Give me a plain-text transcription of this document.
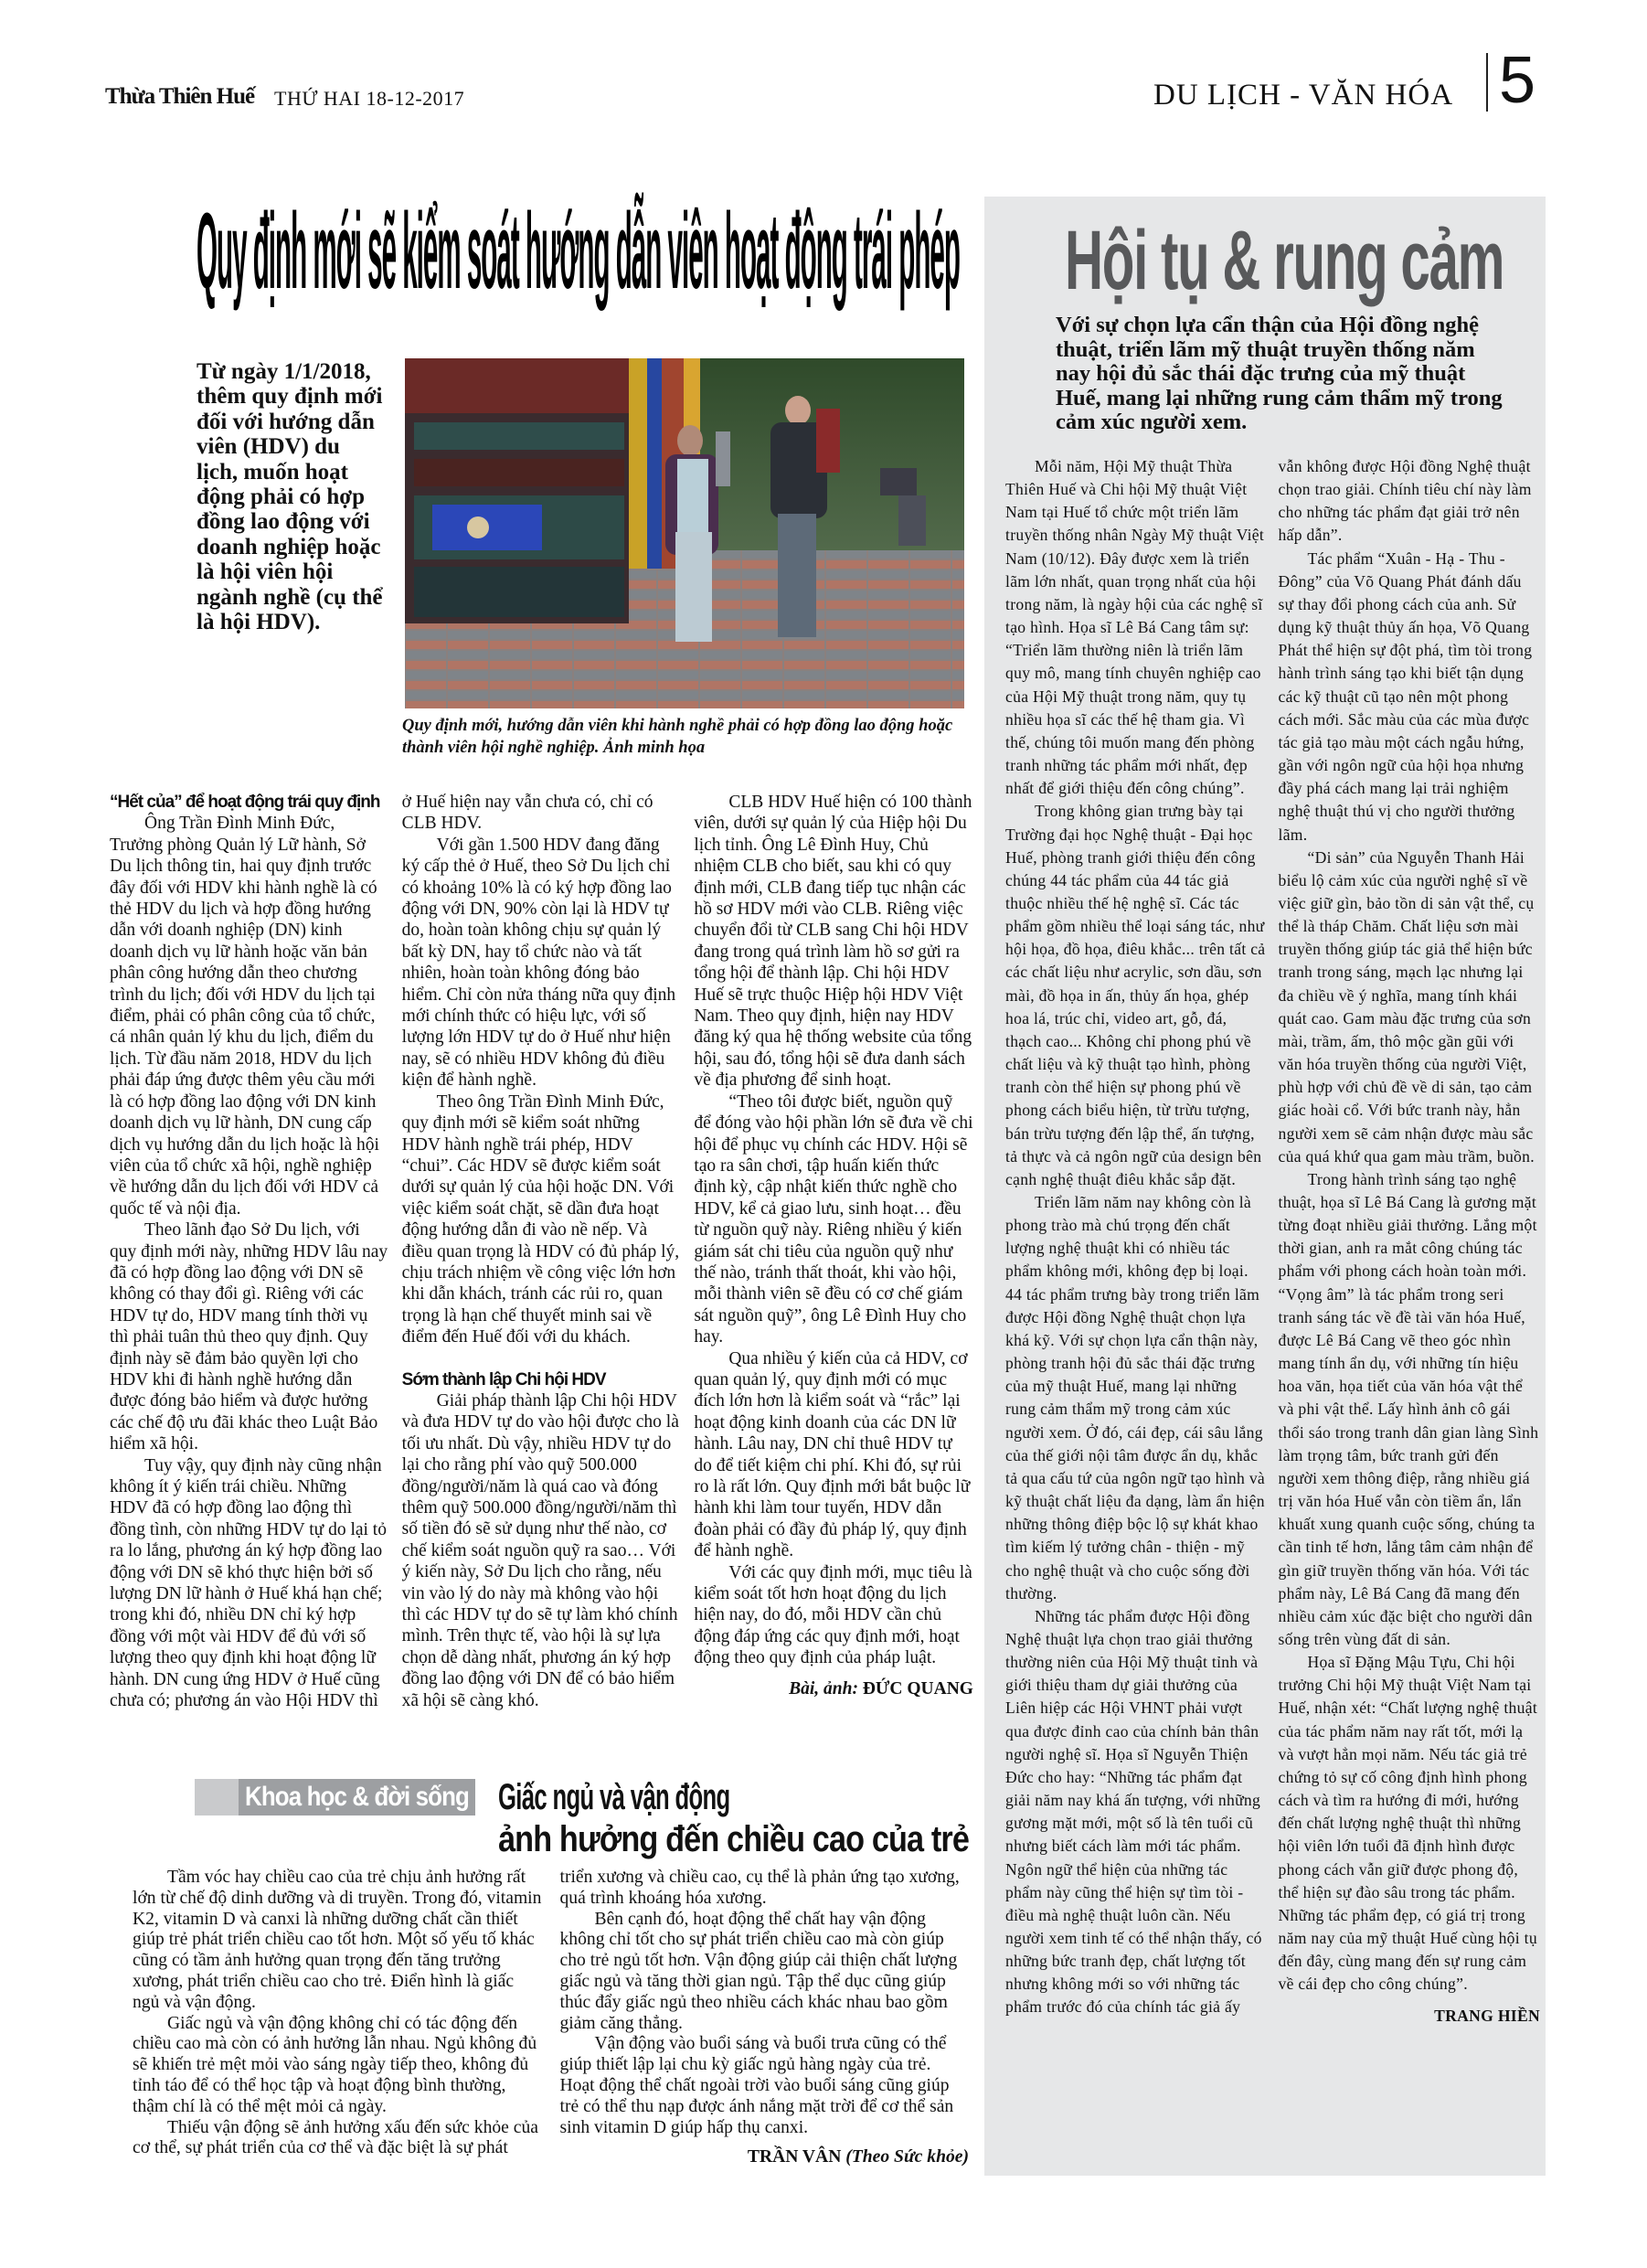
Thừa Thiên Huế THỨ HAI 18-12-2017	DU LỊCH - VĂN HÓA 5
Quy định mới sẽ kiểm soát hướng dẫn viên hoạt động trái phép
Từ ngày 1/1/2018, thêm quy định mới đối với hướng dẫn viên (HDV) du lịch, muốn hoạt động phải có hợp đồng lao động với doanh nghiệp hoặc là hội viên hội ngành nghề (cụ thể là hội HDV).
Quy định mới, hướng dẫn viên khi hành nghề phải có hợp đồng lao động hoặc thành viên hội nghề nghiệp. Ảnh minh họa
“Hết của” để hoạt động trái quy định

Ông Trần Đình Minh Đức, Trưởng phòng Quản lý Lữ hành, Sở Du lịch thông tin, hai quy định trước đây đối với HDV khi hành nghề là có thẻ HDV du lịch và hợp đồng hướng dẫn với doanh nghiệp (DN) kinh doanh dịch vụ lữ hành hoặc văn bản phân công hướng dẫn theo chương trình du lịch; đối với HDV du lịch tại điểm, phải có phân công của tổ chức, cá nhân quản lý khu du lịch, điểm du lịch. Từ đầu năm 2018, HDV du lịch phải đáp ứng được thêm yêu cầu mới là có hợp đồng lao động với DN kinh doanh dịch vụ lữ hành, DN cung cấp dịch vụ hướng dẫn du lịch hoặc là hội viên của tổ chức xã hội, nghề nghiệp về hướng dẫn du lịch đối với HDV cả quốc tế và nội địa.

Theo lãnh đạo Sở Du lịch, với quy định mới này, những HDV lâu nay đã có hợp đồng lao động với DN sẽ không có thay đổi gì. Riêng với các HDV tự do, HDV mang tính thời vụ thì phải tuân thủ theo quy định. Quy định này sẽ đảm bảo quyền lợi cho HDV khi đi hành nghề hướng dẫn được đóng bảo hiểm và được hưởng các chế độ ưu đãi khác theo Luật Bảo hiểm xã hội.

Tuy vậy, quy định này cũng nhận không ít ý kiến trái chiều. Những HDV đã có hợp đồng lao động thì đồng tình, còn những HDV tự do lại tỏ ra lo lắng, phương án ký hợp đồng lao động với DN sẽ khó thực hiện bởi số lượng DN lữ hành ở Huế khá hạn chế; trong khi đó, nhiều DN chỉ ký hợp đồng với một vài HDV để đủ với số lượng theo quy định khi hoạt động lữ hành. DN cung ứng HDV ở Huế cũng chưa có; phương án vào Hội HDV thì ở Huế hiện nay vẫn chưa có, chỉ có CLB HDV.

Với gần 1.500 HDV đang đăng ký cấp thẻ ở Huế, theo Sở Du lịch chỉ có khoảng 10% là có ký hợp đồng lao động với DN, 90% còn lại là HDV tự do, hoàn toàn không chịu sự quản lý bất kỳ DN, hay tổ chức nào và tất nhiên, hoàn toàn không đóng bảo hiểm. Chỉ còn nửa tháng nữa quy định mới chính thức có hiệu lực, với số lượng lớn HDV tự do ở Huế như hiện nay, sẽ có nhiều HDV không đủ điều kiện để hành nghề.

Theo ông Trần Đình Minh Đức, quy định mới sẽ kiểm soát những HDV hành nghề trái phép, HDV “chui”. Các HDV sẽ được kiểm soát dưới sự quản lý của hội hoặc DN. Với việc kiểm soát chặt, sẽ dần đưa hoạt động hướng dẫn đi vào nề nếp. Và điều quan trọng là HDV có đủ pháp lý, chịu trách nhiệm về công việc lớn hơn khi dẫn khách, tránh các rủi ro, quan trọng là hạn chế thuyết minh sai về điểm đến Huế đối với du khách.

Sớm thành lập Chi hội HDV

Giải pháp thành lập Chi hội HDV và đưa HDV tự do vào hội được cho là tối ưu nhất. Dù vậy, nhiều HDV tự do lại cho rằng phí vào quỹ 500.000 đồng/người/năm là quá cao và đóng thêm quỹ 500.000 đồng/người/năm thì số tiền đó sẽ sử dụng như thế nào, cơ chế kiểm soát nguồn quỹ ra sao… Với ý kiến này, Sở Du lịch cho rằng, nếu vin vào lý do này mà không vào hội thì các HDV tự do sẽ tự làm khó chính mình. Trên thực tế, vào hội là sự lựa chọn dễ dàng nhất, phương án ký hợp đồng lao động với DN để có bảo hiểm xã hội sẽ càng khó.

CLB HDV Huế hiện có 100 thành viên, dưới sự quản lý của Hiệp hội Du lịch tỉnh. Ông Lê Đình Huy, Chủ nhiệm CLB cho biết, sau khi có quy định mới, CLB đang tiếp tục nhận các hồ sơ HDV mới vào CLB. Riêng việc chuyển đổi từ CLB sang Chi hội HDV đang trong quá trình làm hồ sơ gửi ra tổng hội để thành lập. Chi hội HDV Huế sẽ trực thuộc Hiệp hội HDV Việt Nam. Theo quy định, hiện nay HDV đăng ký qua hệ thống website của tổng hội, sau đó, tổng hội sẽ đưa danh sách về địa phương để sinh hoạt.

“Theo tôi được biết, nguồn quỹ để đóng vào hội phần lớn sẽ đưa về chi hội để phục vụ chính các HDV. Hội sẽ tạo ra sân chơi, tập huấn kiến thức định kỳ, cập nhật kiến thức nghề cho HDV, kể cả giao lưu, sinh hoạt… đều từ nguồn quỹ này. Riêng nhiều ý kiến giám sát chi tiêu của nguồn quỹ như thế nào, tránh thất thoát, khi vào hội, mỗi thành viên sẽ đều có cơ chế giám sát nguồn quỹ”, ông Lê Đình Huy cho hay.

Qua nhiều ý kiến của cả HDV, cơ quan quản lý, quy định mới có mục đích lớn hơn là kiểm soát và “rắc” lại hoạt động kinh doanh của các DN lữ hành. Lâu nay, DN chỉ thuê HDV tự do để tiết kiệm chi phí. Khi đó, sự rủi ro là rất lớn. Quy định mới bắt buộc lữ hành khi làm tour tuyến, HDV dẫn đoàn phải có đầy đủ pháp lý, quy định để hành nghề.

Với các quy định mới, mục tiêu là kiểm soát tốt hơn hoạt động du lịch hiện nay, do đó, mỗi HDV cần chủ động đáp ứng các quy định mới, hoạt động theo quy định của pháp luật.

Bài, ảnh: ĐỨC QUANG

Hội tụ & rung cảm
Với sự chọn lựa cẩn thận của Hội đồng nghệ thuật, triển lãm mỹ thuật truyền thống năm nay hội đủ sắc thái đặc trưng của mỹ thuật Huế, mang lại những rung cảm thẩm mỹ trong cảm xúc người xem.

Mỗi năm, Hội Mỹ thuật Thừa Thiên Huế và Chi hội Mỹ thuật Việt Nam tại Huế tổ chức một triển lãm truyền thống nhân Ngày Mỹ thuật Việt Nam (10/12). Đây được xem là triển lãm lớn nhất, quan trọng nhất của hội trong năm, là ngày hội của các nghệ sĩ tạo hình. Họa sĩ Lê Bá Cang tâm sự: “Triển lãm thường niên là triển lãm quy mô, mang tính chuyên nghiệp cao của Hội Mỹ thuật trong năm, quy tụ nhiều họa sĩ các thế hệ tham gia. Vì thế, chúng tôi muốn mang đến phòng tranh những tác phẩm mới nhất, đẹp nhất để giới thiệu đến công chúng”.

Trong không gian trưng bày tại Trường đại học Nghệ thuật - Đại học Huế, phòng tranh giới thiệu đến công chúng 44 tác phẩm của 44 tác giả thuộc nhiều thế hệ nghệ sĩ. Các tác phẩm gồm nhiều thể loại sáng tác, như hội họa, đồ họa, điêu khắc... trên tất cả các chất liệu như acrylic, sơn dầu, sơn mài, đồ họa in ấn, thủy ấn họa, ghép hoa lá, trúc chỉ, video art, gỗ, đá, thạch cao... Không chỉ phong phú về chất liệu và kỹ thuật tạo hình, phòng tranh còn thể hiện sự phong phú về phong cách biểu hiện, từ trừu tượng, bán trừu tượng đến lập thể, ấn tượng, tả thực và cả ngôn ngữ của design bên cạnh nghệ thuật điêu khắc sắp đặt.

Triển lãm năm nay không còn là phong trào mà chú trọng đến chất lượng nghệ thuật khi có nhiều tác phẩm không mới, không đẹp bị loại. 44 tác phẩm trưng bày trong triển lãm được Hội đồng Nghệ thuật chọn lựa khá kỹ. Với sự chọn lựa cẩn thận này, phòng tranh hội đủ sắc thái đặc trưng của mỹ thuật Huế, mang lại những rung cảm thẩm mỹ trong cảm xúc người xem. Ở đó, cái đẹp, cái sâu lắng của thế giới nội tâm được ẩn dụ, khắc tả qua cấu tứ của ngôn ngữ tạo hình và kỹ thuật chất liệu đa dạng, làm ẩn hiện những thông điệp bộc lộ sự khát khao tìm kiếm lý tưởng chân - thiện - mỹ cho nghệ thuật và cho cuộc sống đời thường.

Những tác phẩm được Hội đồng Nghệ thuật lựa chọn trao giải thưởng thường niên của Hội Mỹ thuật tỉnh và giới thiệu tham dự giải thưởng của Liên hiệp các Hội VHNT phải vượt qua được đỉnh cao của chính bản thân người nghệ sĩ. Họa sĩ Nguyễn Thiện Đức cho hay: “Những tác phẩm đạt giải năm nay khá ấn tượng, với những gương mặt mới, một số là tên tuổi cũ nhưng biết cách làm mới tác phẩm. Ngôn ngữ thể hiện của những tác phẩm này cũng thể hiện sự tìm tòi - điều mà nghệ thuật luôn cần. Nếu người xem tinh tế có thể nhận thấy, có những bức tranh đẹp, chất lượng tốt nhưng không mới so với những tác phẩm trước đó của chính tác giả ấy vẫn không được Hội đồng Nghệ thuật chọn trao giải. Chính tiêu chí này làm cho những tác phẩm đạt giải trở nên hấp dẫn”.

Tác phẩm “Xuân - Hạ - Thu - Đông” của Võ Quang Phát đánh dấu sự thay đổi phong cách của anh. Sử dụng kỹ thuật thủy ấn họa, Võ Quang Phát thể hiện sự đột phá, tìm tòi trong hành trình sáng tạo khi biết tận dụng các kỹ thuật cũ tạo nên một phong cách mới. Sắc màu của các mùa được tác giả tạo màu một cách ngẫu hứng, gần với ngôn ngữ của hội họa nhưng đầy phá cách mang lại trải nghiệm nghệ thuật thú vị cho người thưởng lãm.

“Di sản” của Nguyễn Thanh Hải biểu lộ cảm xúc của người nghệ sĩ về việc giữ gìn, bảo tồn di sản vật thể, cụ thể là tháp Chăm. Chất liệu sơn mài truyền thống giúp tác giả thể hiện bức tranh trong sáng, mạch lạc nhưng lại đa chiều về ý nghĩa, mang tính khái quát cao. Gam màu đặc trưng của sơn mài, trầm, ấm, thô mộc gần gũi với văn hóa truyền thống của người Việt, phù hợp với chủ đề về di sản, tạo cảm giác hoài cổ. Với bức tranh này, hẳn người xem sẽ cảm nhận được màu sắc của quá khứ qua gam màu trầm, buồn.

Trong hành trình sáng tạo nghệ thuật, họa sĩ Lê Bá Cang là gương mặt từng đoạt nhiều giải thưởng. Lắng một thời gian, anh ra mắt công chúng tác phẩm với phong cách hoàn toàn mới. “Vọng âm” là tác phẩm trong seri tranh sáng tác về đề tài văn hóa Huế, được Lê Bá Cang vẽ theo góc nhìn mang tính ẩn dụ, với những tín hiệu hoa văn, họa tiết của văn hóa vật thể và phi vật thể. Lấy hình ảnh cô gái thổi sáo trong tranh dân gian làng Sình làm trọng tâm, bức tranh gửi đến người xem thông điệp, rằng nhiều giá trị văn hóa Huế vẫn còn tiềm ẩn, lẩn khuất xung quanh cuộc sống, chúng ta cần tinh tế hơn, lắng tâm cảm nhận để gìn giữ truyền thống văn hóa. Với tác phẩm này, Lê Bá Cang đã mang đến nhiều cảm xúc đặc biệt cho người dân sống trên vùng đất di sản.

Họa sĩ Đặng Mậu Tựu, Chi hội trưởng Chi hội Mỹ thuật Việt Nam tại Huế, nhận xét: “Chất lượng nghệ thuật của tác phẩm năm nay rất tốt, mới lạ và vượt hẳn mọi năm. Nếu tác giả trẻ chứng tỏ sự cố công định hình phong cách và tìm ra hướng đi mới, hướng đến chất lượng nghệ thuật thì những hội viên lớn tuổi đã định hình được phong cách vẫn giữ được phong độ, thể hiện sự đào sâu trong tác phẩm. Những tác phẩm đẹp, có giá trị trong năm nay của mỹ thuật Huế cùng hội tụ đến đây, cùng mang đến sự rung cảm về cái đẹp cho công chúng”.

TRANG HIỀN

Khoa học & đời sống Giấc ngủ và vận động
ảnh hưởng đến chiều cao của trẻ

Tầm vóc hay chiều cao của trẻ chịu ảnh hưởng rất lớn từ chế độ dinh dưỡng và di truyền. Trong đó, vitamin K2, vitamin D và canxi là những dưỡng chất cần thiết giúp trẻ phát triển chiều cao tốt hơn. Một số yếu tố khác cũng có tầm ảnh hưởng quan trọng đến tăng trưởng xương, phát triển chiều cao cho trẻ. Điển hình là giấc ngủ và vận động.

Giấc ngủ và vận động không chỉ có tác động đến chiều cao mà còn có ảnh hưởng lẫn nhau. Ngủ không đủ sẽ khiến trẻ mệt mỏi vào sáng ngày tiếp theo, không đủ tỉnh táo để có thể học tập và hoạt động bình thường, thậm chí là có thể mệt mỏi cả ngày.

Thiếu vận động sẽ ảnh hưởng xấu đến sức khỏe của cơ thể, sự phát triển của cơ thể và đặc biệt là sự phát triển xương và chiều cao, cụ thể là phản ứng tạo xương, quá trình khoáng hóa xương.

Bên cạnh đó, hoạt động thể chất hay vận động không chỉ tốt cho sự phát triển chiều cao mà còn giúp cho trẻ ngủ tốt hơn. Vận động giúp cải thiện chất lượng giấc ngủ và tăng thời gian ngủ. Tập thể dục cũng giúp thúc đẩy giấc ngủ theo nhiều cách khác nhau bao gồm giảm căng thẳng.

Vận động vào buổi sáng và buổi trưa cũng có thể giúp thiết lập lại chu kỳ giấc ngủ hàng ngày của trẻ. Hoạt động thể chất ngoài trời vào buổi sáng cũng giúp trẻ có thể thu nạp được ánh nắng mặt trời để cơ thể sản sinh vitamin D giúp hấp thụ canxi.

TRẦN VÂN (Theo Sức khỏe)
